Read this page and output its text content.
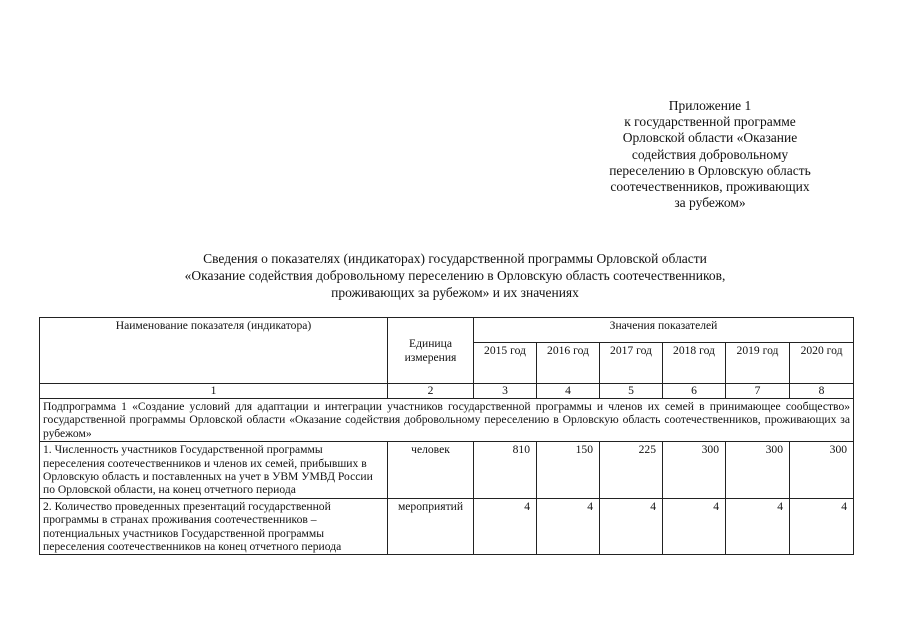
Приложение 1
к государственной программе
Орловской области «Оказание
содействия добровольному
переселению в Орловскую область
соотечественников, проживающих
за рубежом»
Сведения о показателях (индикаторах) государственной программы Орловской области
«Оказание содействия добровольному переселению в Орловскую область соотечественников,
проживающих за рубежом» и их значениях
Наименование показателя (индикатора)	Единица измерения	Значения показателей					
		2015 год	2016 год	2017 год	2018 год	2019 год	2020 год
1	2	3	4	5	6	7	8
Подпрограмма 1 «Создание условий для адаптации и интеграции участников государственной программы и членов их семей в принимающее сообщество» государственной программы Орловской области «Оказание содействия добровольному переселению в Орловскую область соотечественников, проживающих за рубежом»							
1. Численность участников Государственной программы переселения соотечественников и членов их семей, прибывших в Орловскую область и поставленных на учет в УВМ УМВД России по Орловской области, на конец отчетного периода	человек	810	150	225	300	300	300
2. Количество проведенных презентаций государственной программы в странах проживания соотечественников – потенциальных участников Государственной программы переселения соотечественников на конец отчетного периода	мероприятий	4	4	4	4	4	4
